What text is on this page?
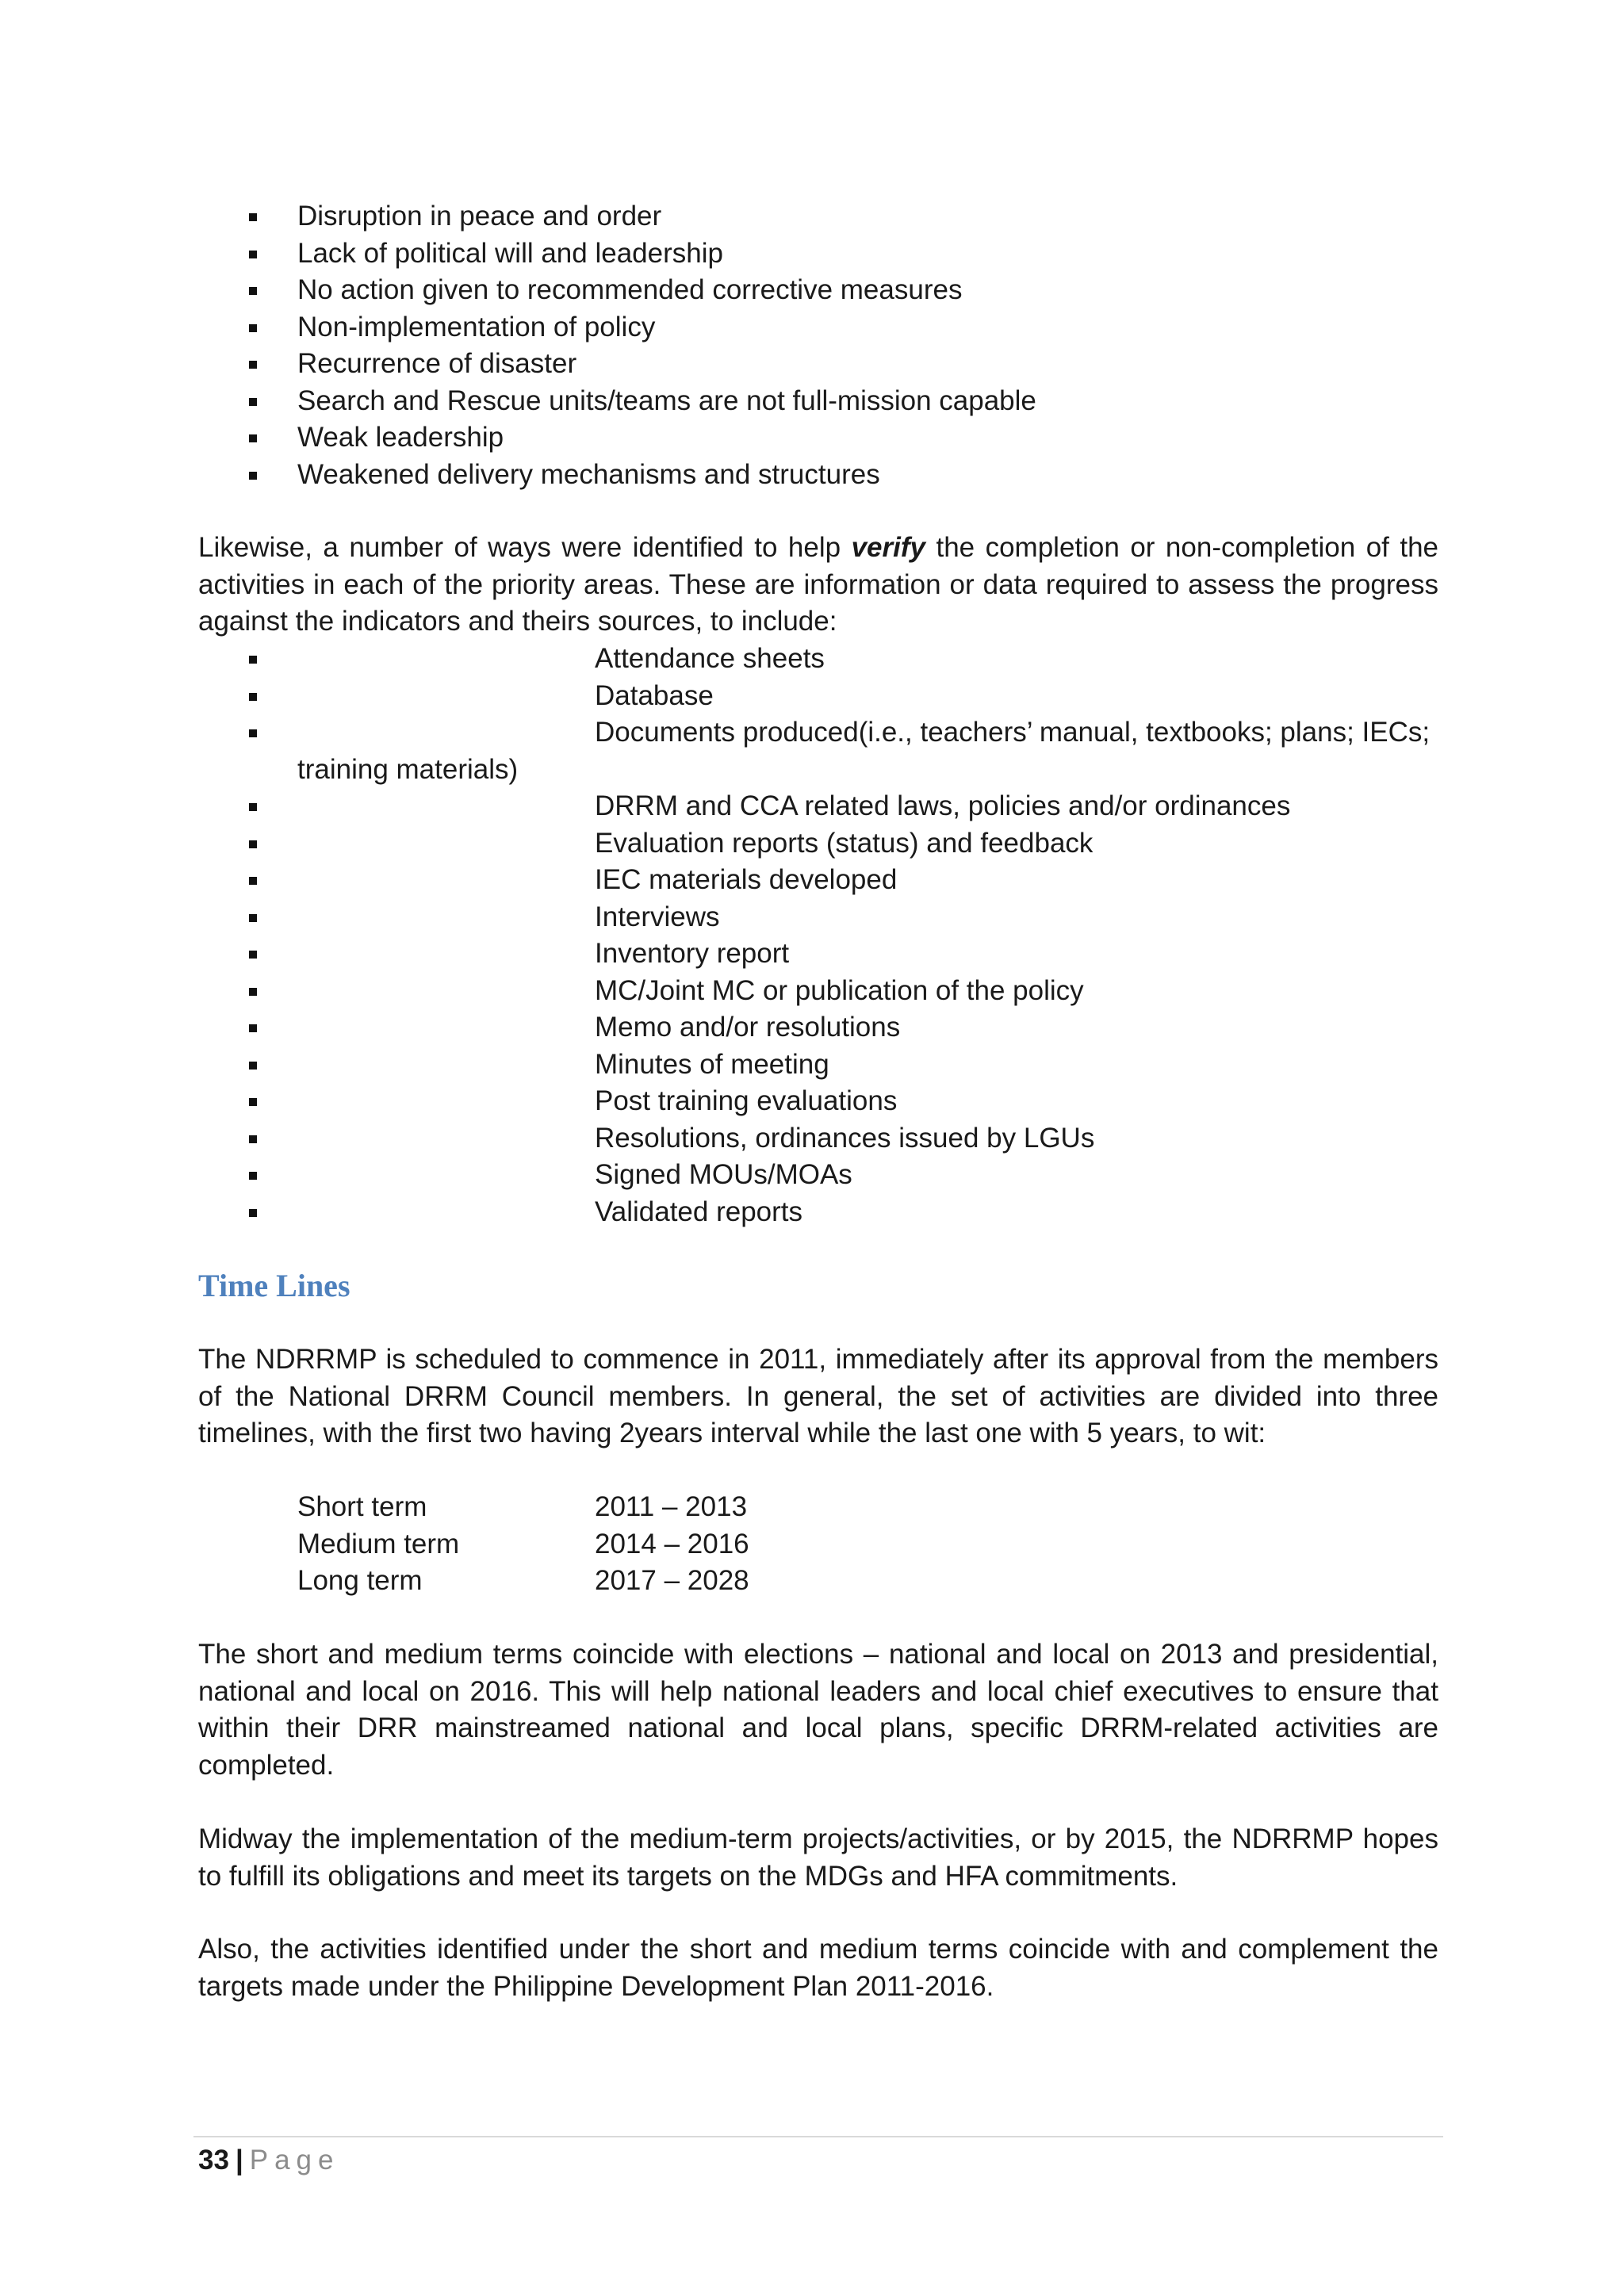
Disruption in peace and order
Lack of political will and leadership
No action given to recommended corrective measures
Non-implementation of policy
Recurrence of disaster
Search and Rescue units/teams are not full-mission capable
Weak leadership
Weakened delivery mechanisms and structures

Likewise, a number of ways were identified to help verify the completion or non-completion of the activities in each of the priority areas. These are information or data required to assess the progress against the indicators and theirs sources, to include:

Attendance sheets
Database
Documents produced(i.e., teachers’ manual, textbooks; plans; IECs;
training materials)
DRRM and CCA related laws, policies and/or ordinances
Evaluation reports (status) and feedback
IEC materials developed
Interviews
Inventory report
MC/Joint MC or publication of the policy
Memo and/or resolutions
Minutes of meeting
Post training evaluations
Resolutions, ordinances issued by LGUs
Signed MOUs/MOAs
Validated reports
Time Lines

The NDRRMP is scheduled to commence in 2011, immediately after its approval from the members of the National DRRM Council members. In general, the set of activities are divided into three timelines, with the first two having 2years interval while the last one with 5 years, to wit:

Short term	2011 – 2013
Medium term	2014 – 2016
Long term	2017 – 2028

The short and medium terms coincide with elections – national and local on 2013 and presidential, national and local on 2016. This will help national leaders and local chief executives to ensure that within their DRR mainstreamed national and local plans, specific DRRM-related activities are completed.

Midway the implementation of the medium-term projects/activities, or by 2015, the NDRRMP hopes to fulfill its obligations and meet its targets on the MDGs and HFA commitments.

Also, the activities identified under the short and medium terms coincide with and complement the targets made under the Philippine Development Plan 2011-2016.

33 | Page
